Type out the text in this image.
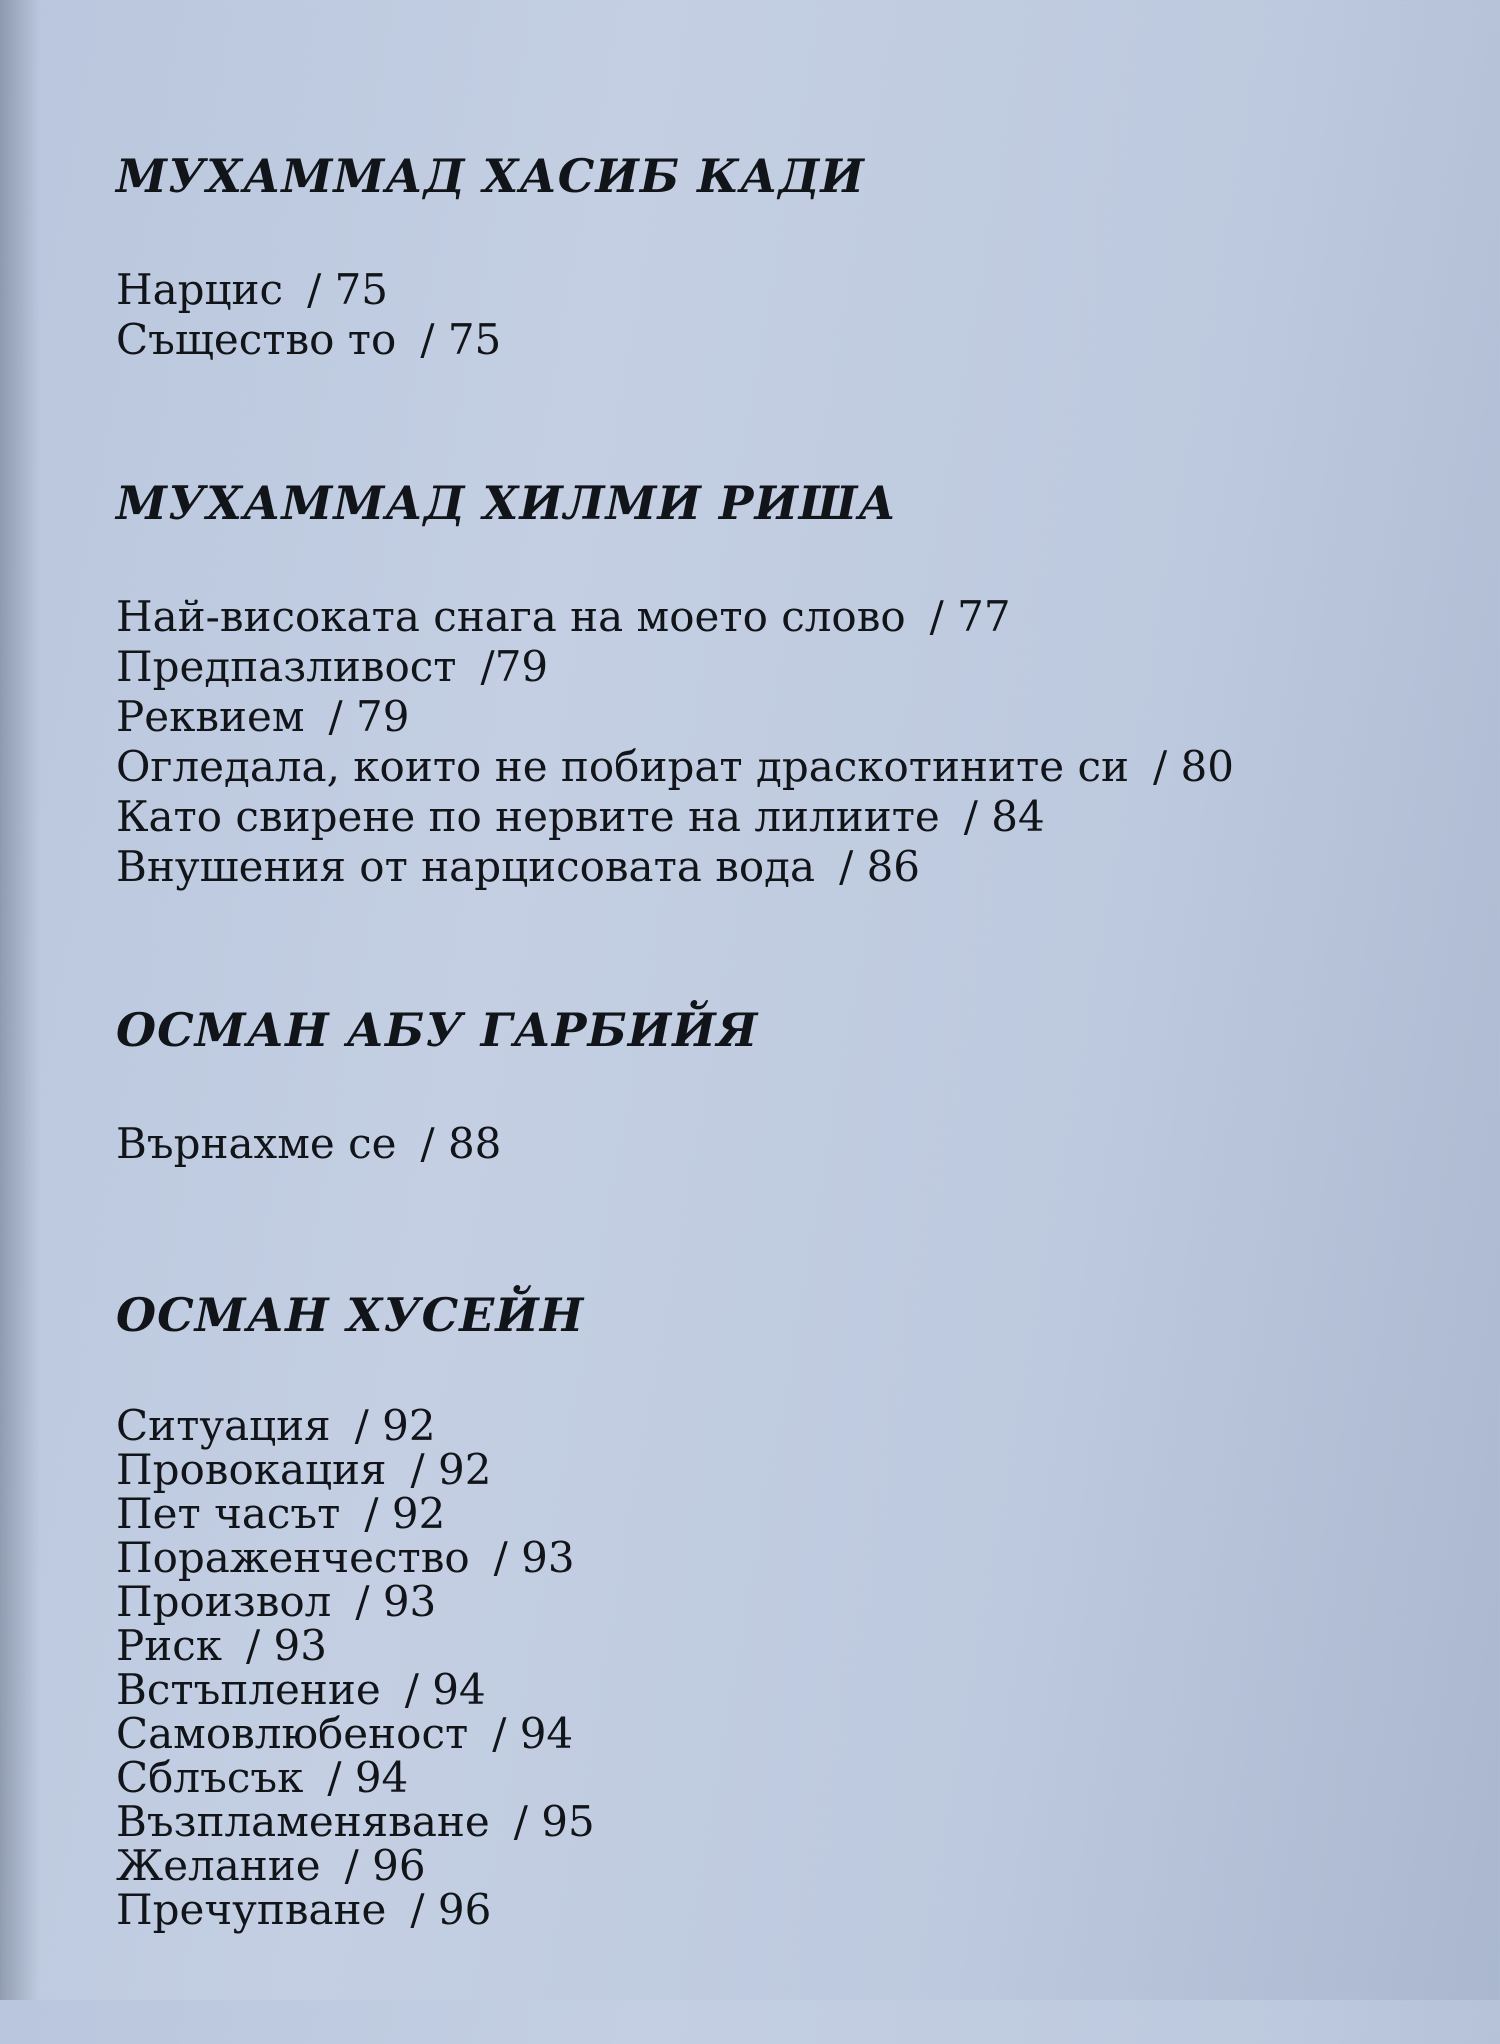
МУХАММАД ХАСИБ КАДИ
Нарцис / 75
Същество то / 75
МУХАММАД ХИЛМИ РИША
Най-високата снага на моето слово / 77
Предпазливост /79
Реквием / 79
Огледала, които не побират драскотините си / 80
Като свирене по нервите на лилиите / 84
Внушения от нарцисовата вода / 86
ОСМАН АБУ ГАРБИЙЯ
Върнахме се / 88
ОСМАН ХУСЕЙН
Ситуация / 92
Провокация / 92
Пет часът / 92
Пораженчество / 93
Произвол / 93
Риск / 93
Встъпление / 94
Самовлюбеност / 94
Сблъсък / 94
Възпламеняване / 95
Желание / 96
Пречупване / 96
